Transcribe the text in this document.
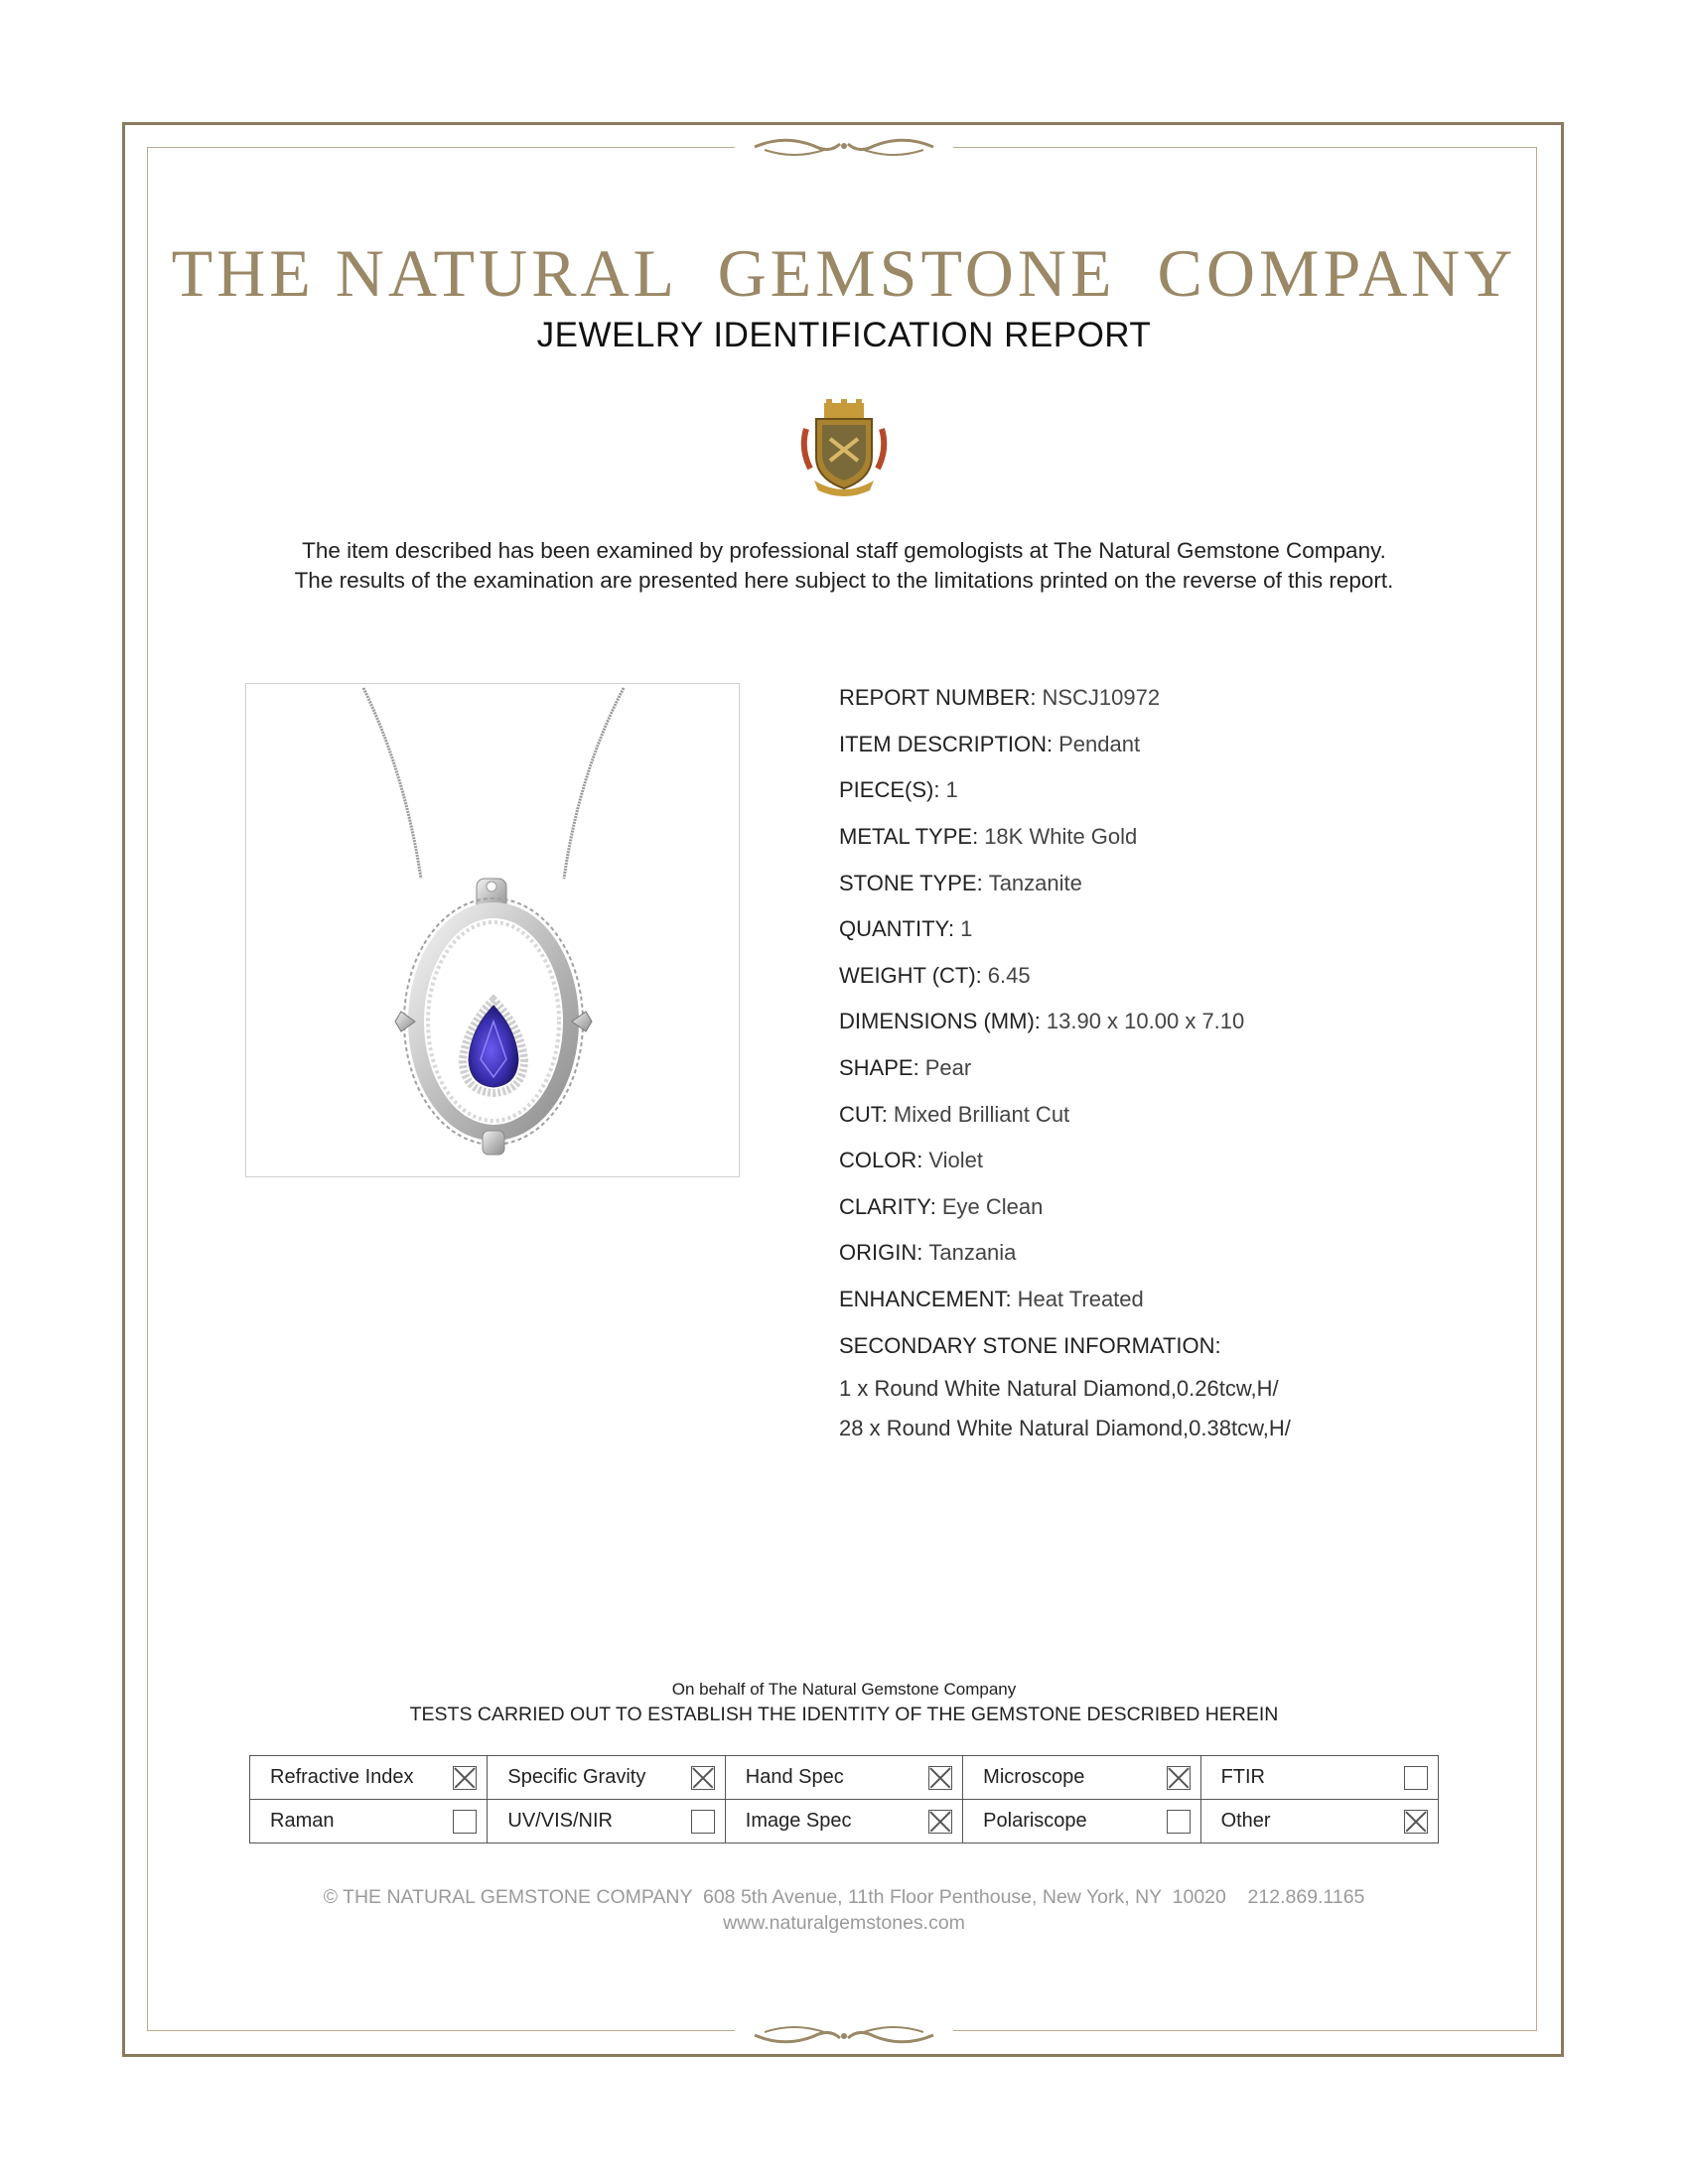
THE NATURAL  GEMSTONE  COMPANY
JEWELRY IDENTIFICATION REPORT
The item described has been examined by professional staff gemologists at The Natural Gemstone Company.
The results of the examination are presented here subject to the limitations printed on the reverse of this report.
REPORT NUMBER: NSCJ10972
ITEM DESCRIPTION: Pendant
PIECE(S): 1
METAL TYPE: 18K White Gold
STONE TYPE: Tanzanite
QUANTITY: 1
WEIGHT (CT): 6.45
DIMENSIONS (MM): 13.90 x 10.00 x 7.10
SHAPE: Pear
CUT: Mixed Brilliant Cut
COLOR: Violet
CLARITY: Eye Clean
ORIGIN: Tanzania
ENHANCEMENT: Heat Treated
SECONDARY STONE INFORMATION:
1 x Round White Natural Diamond,0.26tcw,H/
28 x Round White Natural Diamond,0.38tcw,H/
On behalf of The Natural Gemstone Company
TESTS CARRIED OUT TO ESTABLISH THE IDENTITY OF THE GEMSTONE DESCRIBED HEREIN
Refractive Index	Specific Gravity	Hand Spec	Microscope	FTIR

Raman	UV/VIS/NIR	Image Spec	Polariscope	Other
© THE NATURAL GEMSTONE COMPANY  608 5th Avenue, 11th Floor Penthouse, New York, NY  10020    212.869.1165
www.naturalgemstones.com
